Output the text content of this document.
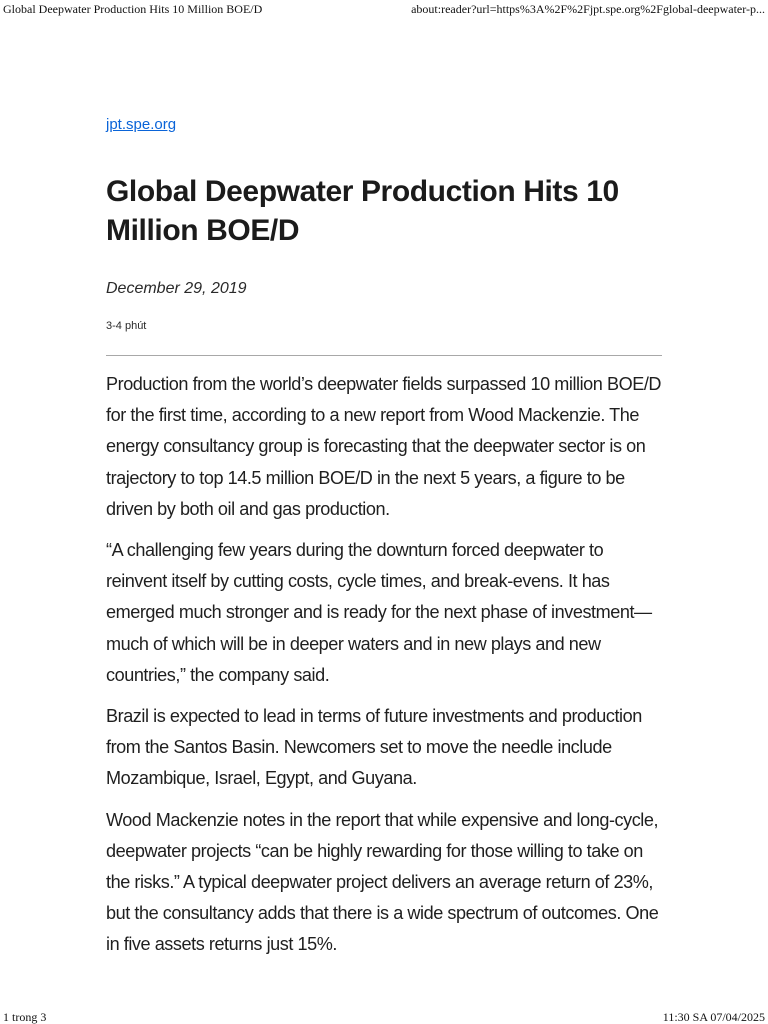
Global Deepwater Production Hits 10 Million BOE/D	about:reader?url=https%3A%2F%2Fjpt.spe.org%2Fglobal-deepwater-p...
jpt.spe.org
Global Deepwater Production Hits 10 Million BOE/D
December 29, 2019
3-4 phút

Production from the world’s deepwater fields surpassed 10 million BOE/D for the first time, according to a new report from Wood Mackenzie. The energy consultancy group is forecasting that the deepwater sector is on trajectory to top 14.5 million BOE/D in the next 5 years, a figure to be driven by both oil and gas production.

“A challenging few years during the downturn forced deepwater to reinvent itself by cutting costs, cycle times, and break-evens. It has emerged much stronger and is ready for the next phase of investment—much of which will be in deeper waters and in new plays and new countries,” the company said.

Brazil is expected to lead in terms of future investments and production from the Santos Basin. Newcomers set to move the needle include Mozambique, Israel, Egypt, and Guyana.

Wood Mackenzie notes in the report that while expensive and long-cycle, deepwater projects “can be highly rewarding for those willing to take on the risks.” A typical deepwater project delivers an average return of 23%, but the consultancy adds that there is a wide spectrum of outcomes. One in five assets returns just 15%.

1 trong 3	11:30 SA 07/04/2025
